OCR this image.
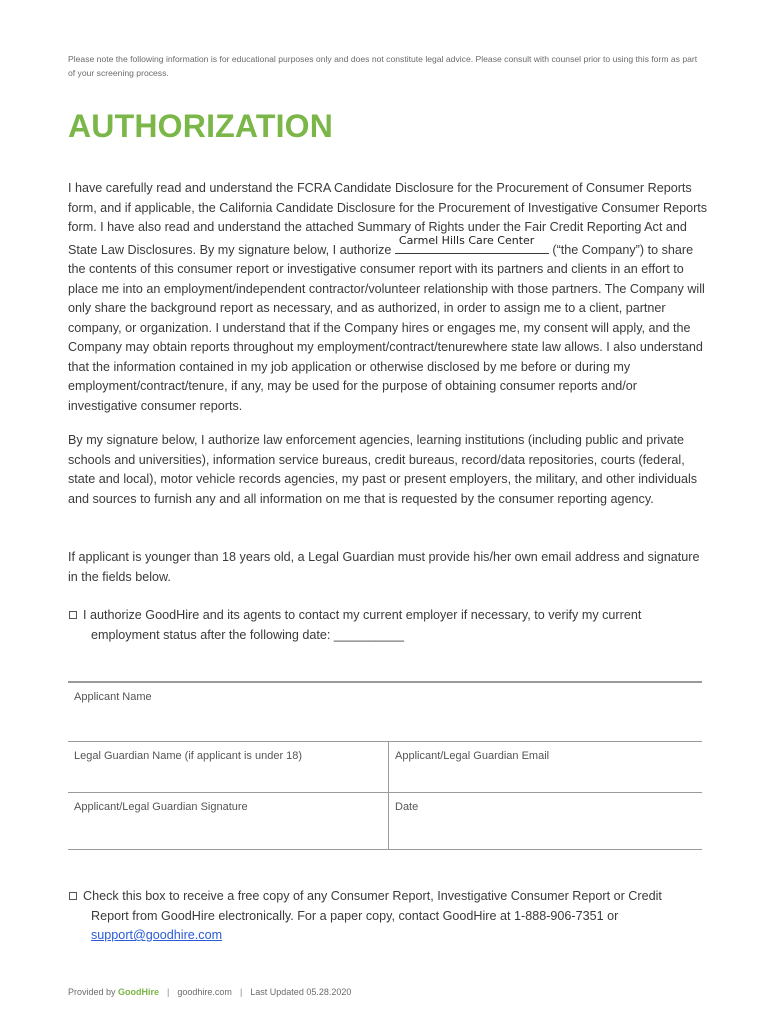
Please note the following information is for educational purposes only and does not constitute legal advice. Please consult with counsel prior to using this form as part of your screening process.
AUTHORIZATION
I have carefully read and understand the FCRA Candidate Disclosure for the Procurement of Consumer Reports form, and if applicable, the California Candidate Disclosure for the Procurement of Investigative Consumer Reports form. I have also read and understand the attached Summary of Rights under the Fair Credit Reporting Act and State Law Disclosures. By my signature below, I authorize
Carmel Hills Care Center
(“the Company”) to share the contents of this consumer report or investigative consumer report with its partners and clients in an effort to place me into an employment/independent contractor/volunteer relationship with those partners. The Company will only share the background report as necessary, and as authorized, in order to assign me to a client, partner company, or organization. I understand that if the Company hires or engages me, my consent will apply, and the Company may obtain reports throughout my employment/contract/tenurewhere state law allows. I also understand that the information contained in my job application or otherwise disclosed by me before or during my employment/contract/tenure, if any, may be used for the purpose of obtaining consumer reports and/or investigative consumer reports.
By my signature below, I authorize law enforcement agencies, learning institutions (including public and private schools and universities), information service bureaus, credit bureaus, record/data repositories, courts (federal, state and local), motor vehicle records agencies, my past or present employers, the military, and other individuals and sources to furnish any and all information on me that is requested by the consumer reporting agency.
If applicant is younger than 18 years old, a Legal Guardian must provide his/her own email address and signature in the fields below.
I authorize GoodHire and its agents to contact my current employer if necessary, to verify my current
employment status after the following date: __________
Applicant Name
Legal Guardian Name (if applicant is under 18)	Applicant/Legal Guardian Email
Applicant/Legal Guardian Signature	Date
Check this box to receive a free copy of any Consumer Report, Investigative Consumer Report or Credit
Report from GoodHire electronically. For a paper copy, contact GoodHire at 1-888-906-7351 or
support@goodhire.com
Provided by GoodHire | goodhire.com | Last Updated 05.28.2020
